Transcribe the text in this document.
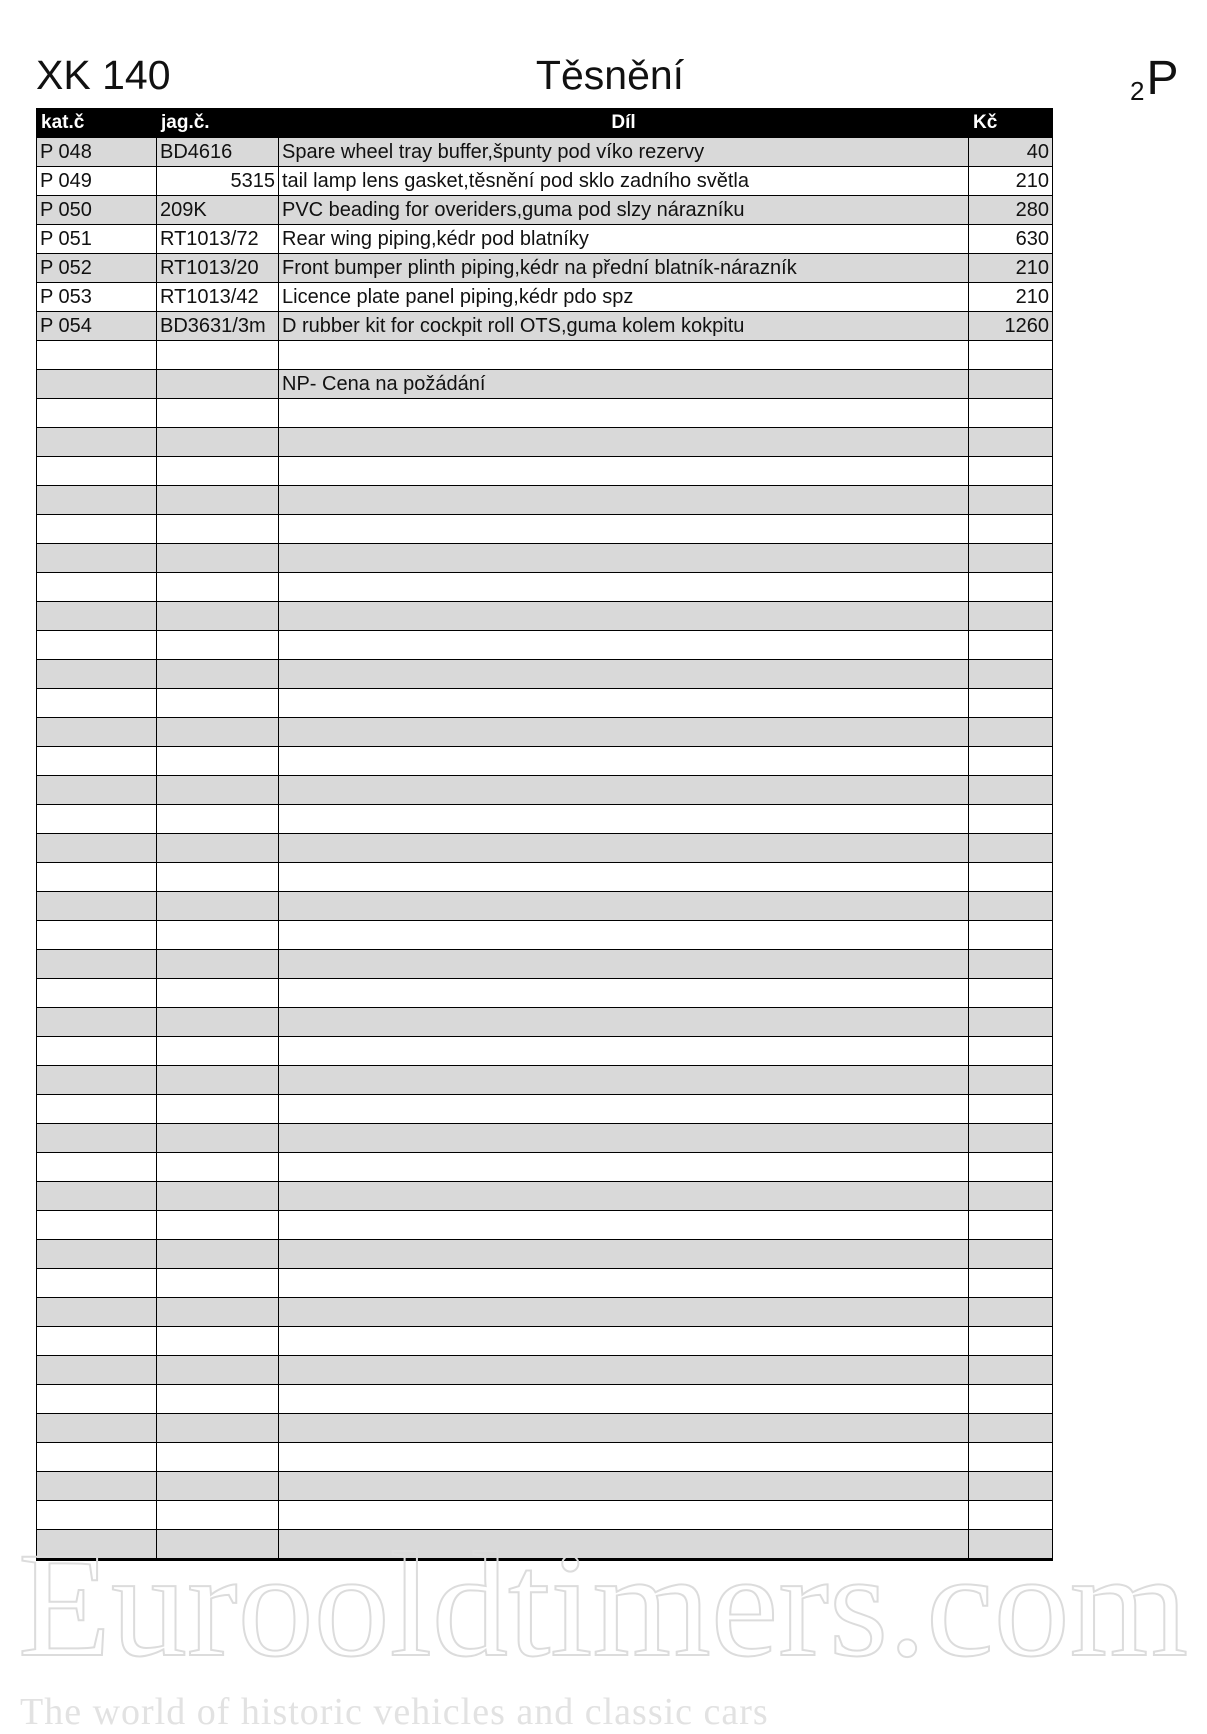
XK 140	Těsnění	$_2$P
kat.č	jag.č.	Díl	Kč
P 048	BD4616	Spare wheel tray buffer,špunty pod víko rezervy	40
P 049	5315	tail lamp lens gasket,těsnění pod sklo zadního světla	210
P 050	209K	PVC beading for overiders,guma pod slzy nárazníku	280
P 051	RT1013/72	Rear wing piping,kédr pod blatníky	630
P 052	RT1013/20	Front bumper plinth piping,kédr na přední blatník-nárazník	210
P 053	RT1013/42	Licence plate panel piping,kédr pdo spz	210
P 054	BD3631/3m	D rubber kit for cockpit roll OTS,guma kolem kokpitu	1260

		NP- Cena na požádání	

Eurooldtimers.com
The world of historic vehicles and classic cars
